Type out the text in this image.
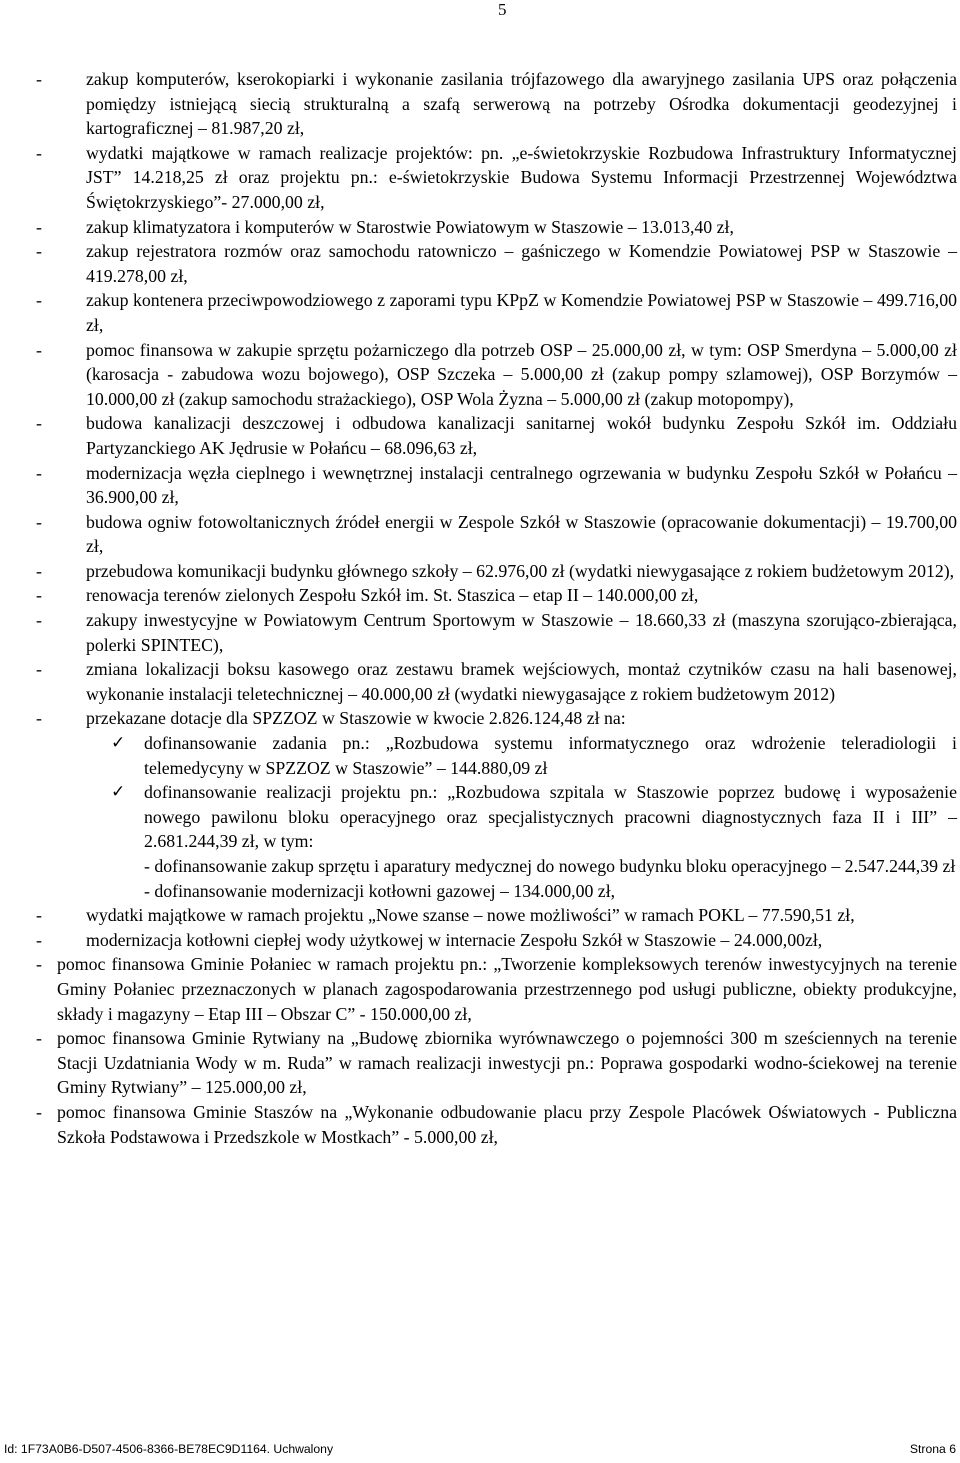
5
- zakup komputerów, kserokopiarki i wykonanie zasilania trójfazowego dla awaryjnego zasilania UPS oraz połączenia pomiędzy istniejącą siecią strukturalną a szafą serwerową na potrzeby Ośrodka dokumentacji geodezyjnej i kartograficznej – 81.987,20 zł,
- wydatki majątkowe w ramach realizacje projektów: pn. „e-świetokrzyskie Rozbudowa Infrastruktury Informatycznej JST” 14.218,25 zł oraz projektu pn.: e-świetokrzyskie Budowa Systemu Informacji Przestrzennej Województwa Świętokrzyskiego”- 27.000,00 zł,
- zakup klimatyzatora i komputerów w Starostwie Powiatowym w Staszowie – 13.013,40 zł,
- zakup rejestratora rozmów oraz samochodu ratowniczo – gaśniczego w Komendzie Powiatowej PSP w Staszowie – 419.278,00 zł,
- zakup kontenera przeciwpowodziowego z zaporami typu KPpZ w Komendzie Powiatowej PSP w Staszowie – 499.716,00 zł,
- pomoc finansowa w zakupie sprzętu pożarniczego dla potrzeb OSP – 25.000,00 zł, w tym: OSP Smerdyna – 5.000,00 zł (karosacja - zabudowa wozu bojowego), OSP Szczeka – 5.000,00 zł (zakup pompy szlamowej), OSP Borzymów – 10.000,00 zł (zakup samochodu strażackiego), OSP Wola Żyzna – 5.000,00 zł (zakup motopompy),
- budowa kanalizacji deszczowej i odbudowa kanalizacji sanitarnej wokół budynku Zespołu Szkół im. Oddziału Partyzanckiego AK Jędrusie w Połańcu – 68.096,63 zł,
- modernizacja węzła cieplnego i wewnętrznej instalacji centralnego ogrzewania w budynku Zespołu Szkół w Połańcu – 36.900,00 zł,
- budowa ogniw fotowoltanicznych źródeł energii w Zespole Szkół w Staszowie (opracowanie dokumentacji) – 19.700,00 zł,
- przebudowa komunikacji budynku głównego szkoły – 62.976,00 zł (wydatki niewygasające z rokiem budżetowym 2012),
- renowacja terenów zielonych Zespołu Szkół im. St. Staszica – etap II – 140.000,00 zł,
- zakupy inwestycyjne w Powiatowym Centrum Sportowym w Staszowie – 18.660,33 zł (maszyna szorująco-zbierająca, polerki SPINTEC),
- zmiana lokalizacji boksu kasowego oraz zestawu bramek wejściowych, montaż czytników czasu na hali basenowej, wykonanie instalacji teletechnicznej – 40.000,00 zł (wydatki niewygasające z rokiem budżetowym 2012)
- przekazane dotacje dla SPZZOZ w Staszowie w kwocie 2.826.124,48 zł na:
✓ dofinansowanie zadania pn.: „Rozbudowa systemu informatycznego oraz wdrożenie teleradiologii i telemedycyny w SPZZOZ w Staszowie” – 144.880,09 zł
✓ dofinansowanie realizacji projektu pn.: „Rozbudowa szpitala w Staszowie poprzez budowę i wyposażenie nowego pawilonu bloku operacyjnego oraz specjalistycznych pracowni diagnostycznych faza II i III” – 2.681.244,39 zł, w tym:
- dofinansowanie zakup sprzętu i aparatury medycznej do nowego budynku bloku operacyjnego – 2.547.244,39 zł
- dofinansowanie modernizacji kotłowni gazowej – 134.000,00 zł,
- wydatki majątkowe w ramach projektu „Nowe szanse – nowe możliwości” w ramach POKL – 77.590,51 zł,
- modernizacja kotłowni ciepłej wody użytkowej w internacie Zespołu Szkół w Staszowie – 24.000,00zł,
- pomoc finansowa Gminie Połaniec w ramach projektu pn.: „Tworzenie kompleksowych terenów inwestycyjnych na terenie Gminy Połaniec przeznaczonych w planach zagospodarowania przestrzennego pod usługi publiczne, obiekty produkcyjne, składy i magazyny – Etap III – Obszar C” - 150.000,00 zł,
- pomoc finansowa Gminie Rytwiany na „Budowę zbiornika wyrównawczego o pojemności 300 m sześciennych na terenie Stacji Uzdatniania Wody w m. Ruda” w ramach realizacji inwestycji pn.: Poprawa gospodarki wodno-ściekowej na terenie Gminy Rytwiany” – 125.000,00 zł,
- pomoc finansowa Gminie Staszów na „Wykonanie odbudowanie placu przy Zespole Placówek Oświatowych - Publiczna Szkoła Podstawowa i Przedszkole w Mostkach” - 5.000,00 zł,
Id: 1F73A0B6-D507-4506-8366-BE78EC9D1164. Uchwalony	Strona 6
